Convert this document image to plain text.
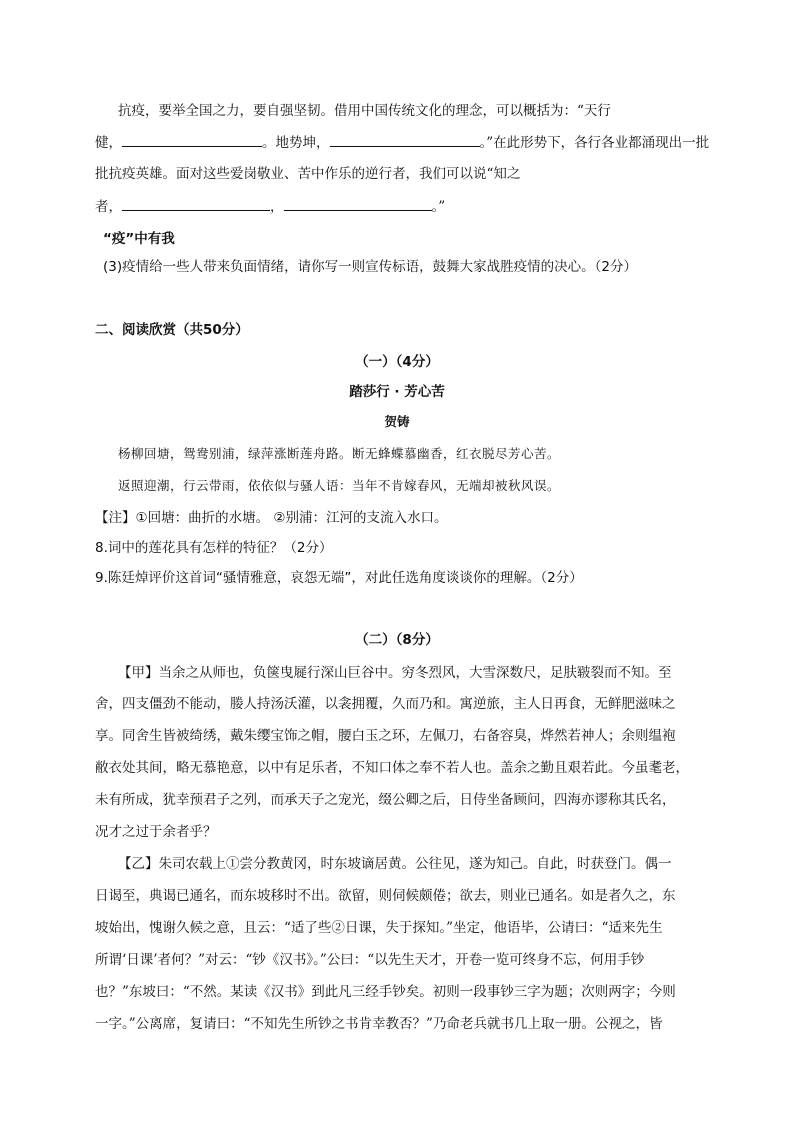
抗疫，要举全国之力，要自强坚韧。借用中国传统文化的理念，可以概括为：“天行
健，	。地势坤，	。”在此形势下，各行各业都涌现出一批
批抗疫英雄。面对这些爱岗敬业、苦中作乐的逆行者，我们可以说“知之
者，	，	。”
“疫”中有我
(3)疫情给一些人带来负面情绪，请你写一则宣传标语，鼓舞大家战胜疫情的决心。（2分）
二、阅读欣赏（共50分）
（一）（4分）
踏莎行 · 芳心苦
贺铸
杨柳回塘，鸳鸯别浦，绿萍涨断莲舟路。断无蜂蝶慕幽香，红衣脱尽芳心苦。
返照迎潮，行云带雨，依依似与骚人语：当年不肯嫁春风，无端却被秋风误。
【注】①回塘：曲折的水塘。 ②别浦：江河的支流入水口。
8.词中的莲花具有怎样的特征？（2分）
9.陈廷焯评价这首词“骚情雅意，哀怨无端”，对此任选角度谈谈你的理解。（2分）
（二）（8分）
【甲】当余之从师也，负箧曳屣行深山巨谷中。穷冬烈风，大雪深数尺，足肤皲裂而不知。至
舍，四支僵劲不能动，媵人持汤沃灌，以衾拥覆，久而乃和。寓逆旅，主人日再食，无鲜肥滋味之
享。同舍生皆被绮绣，戴朱缨宝饰之帽，腰白玉之环，左佩刀，右备容臭，烨然若神人；余则缊袍
敝衣处其间，略无慕艳意，以中有足乐者，不知口体之奉不若人也。盖余之勤且艰若此。今虽耄老，
未有所成，犹幸预君子之列，而承天子之宠光，缀公卿之后，日侍坐备顾问，四海亦谬称其氏名，
况才之过于余者乎？
【乙】朱司农载上①尝分教黄冈，时东坡谪居黄。公往见，遂为知己。自此，时获登门。偶一
日谒至，典谒已通名，而东坡移时不出。欲留，则伺候颇倦；欲去，则业已通名。如是者久之，东
坡始出，愧谢久候之意，且云：“适了些②日课，失于探知。”坐定，他语毕，公请曰：“适来先生
所谓‘日课’者何？”对云：“钞《汉书》。”公曰：“以先生天才，开卷一览可终身不忘，何用手钞
也？”东坡曰：“不然。某读《汉书》到此凡三经手钞矣。初则一段事钞三字为题；次则两字；今则
一字。”公离席，复请曰：“不知先生所钞之书肯幸教否？”乃命老兵就书几上取一册。公视之，皆
